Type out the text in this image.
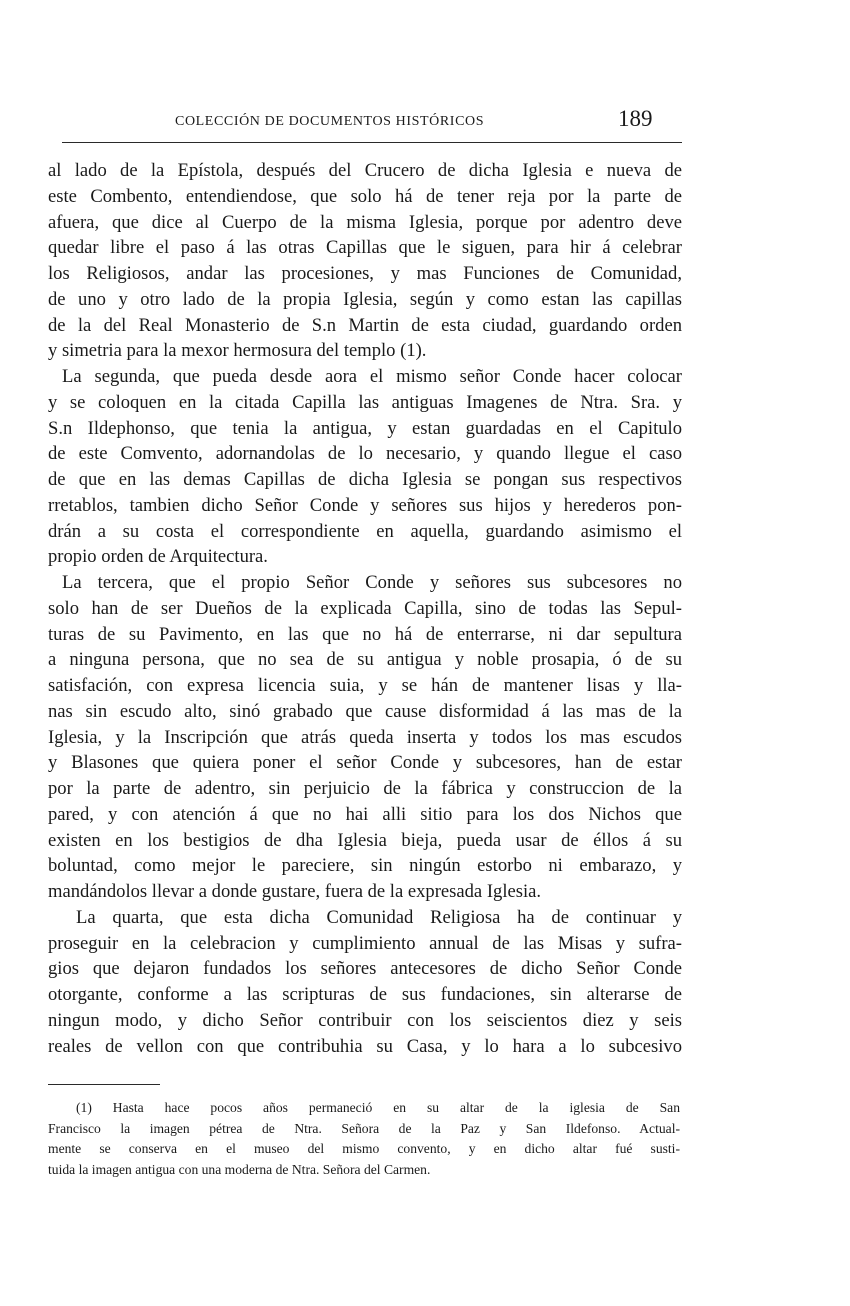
COLECCIÓN DE DOCUMENTOS HISTÓRICOS	189
al lado de la Epístola, después del Crucero de dicha Iglesia e nueva de
este Combento, entendiendose, que solo há de tener reja por la parte de
afuera, que dice al Cuerpo de la misma Iglesia, porque por adentro deve
quedar libre el paso á las otras Capillas que le siguen, para hir á celebrar
los Religiosos, andar las procesiones, y mas Funciones de Comunidad,
de uno y otro lado de la propia Iglesia, según y como estan las capillas
de la del Real Monasterio de S.n Martin de esta ciudad, guardando orden
y simetria para la mexor hermosura del templo (1).
La segunda, que pueda desde aora el mismo señor Conde hacer colocar
y se coloquen en la citada Capilla las antiguas Imagenes de Ntra. Sra. y
S.n Ildephonso, que tenia la antigua, y estan guardadas en el Capitulo
de este Comvento, adornandolas de lo necesario, y quando llegue el caso
de que en las demas Capillas de dicha Iglesia se pongan sus respectivos
rretablos, tambien dicho Señor Conde y señores sus hijos y herederos pon-
drán a su costa el correspondiente en aquella, guardando asimismo el
propio orden de Arquitectura.
La tercera, que el propio Señor Conde y señores sus subcesores no
solo han de ser Dueños de la explicada Capilla, sino de todas las Sepul-
turas de su Pavimento, en las que no há de enterrarse, ni dar sepultura
a ninguna persona, que no sea de su antigua y noble prosapia, ó de su
satisfación, con expresa licencia suia, y se hán de mantener lisas y lla-
nas sin escudo alto, sinó grabado que cause disformidad á las mas de la
Iglesia, y la Inscripción que atrás queda inserta y todos los mas escudos
y Blasones que quiera poner el señor Conde y subcesores, han de estar
por la parte de adentro, sin perjuicio de la fábrica y construccion de la
pared, y con atención á que no hai alli sitio para los dos Nichos que
existen en los bestigios de dha Iglesia bieja, pueda usar de éllos á su
boluntad, como mejor le pareciere, sin ningún estorbo ni embarazo, y
mandándolos llevar a donde gustare, fuera de la expresada Iglesia.
La quarta, que esta dicha Comunidad Religiosa ha de continuar y
proseguir en la celebracion y cumplimiento annual de las Misas y sufra-
gios que dejaron fundados los señores antecesores de dicho Señor Conde
otorgante, conforme a las scripturas de sus fundaciones, sin alterarse de
ningun modo, y dicho Señor contribuir con los seiscientos diez y seis
reales de vellon con que contribuhia su Casa, y lo hara a lo subcesivo
(1) Hasta hace pocos años permaneció en su altar de la iglesia de San
Francisco la imagen pétrea de Ntra. Señora de la Paz y San Ildefonso. Actual-
mente se conserva en el museo del mismo convento, y en dicho altar fué susti-
tuida la imagen antigua con una moderna de Ntra. Señora del Carmen.
